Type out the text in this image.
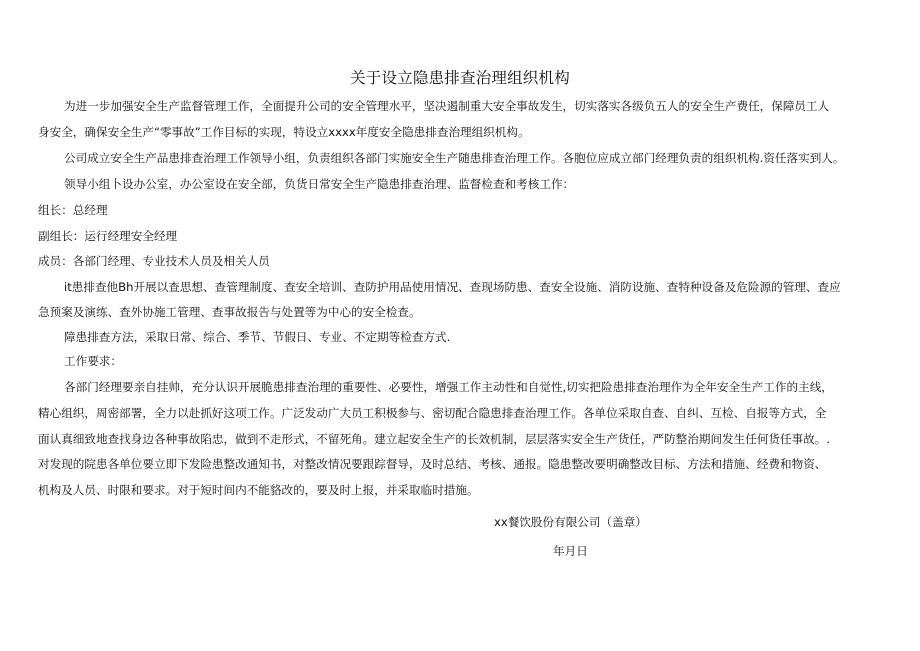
关于设立隐患排查治理组织机构

为进一步加强安全生产监督管理工作，全面提升公司的安全管理水平，坚决遏制重大安全事故发生，切实落实各级负五人的安全生产费任，保障员工人

身安全，确保安全生产“零事故”工作目标的实现，特设立xxxx年度安全隐患排查治理组织机构。

公司成立安全生产品患排查治理工作领导小组，负责组织各部门实施安全生产随患排查治理工作。各胞位应成立部门经理负责的组织机构.资任落实到人。

领导小组卜设办公室，办公室设在安全部，负货日常安全生产隐患排查治理、监督检查和考核工作：

组长：总经理

副组长：运行经理安全经理

成员：各部门经理、专业技术人员及相关人员

it患排查他Bh开展以查思想、查管理制度、查安全培训、查防护用品使用情况、查现场防患、查安全设施、消防设施、查特种设备及危险源的管理、查应

急预案及演练、查外协施工管理、查事故报告与处置等为中心的安全检查。

障患排查方法，采取日常、综合、季节、节假日、专业、不定期等检查方式.

工作要求：

各部门经理要亲自挂帅，充分认识开展脆患排查治理的重要性、必要性，增强工作主动性和自觉性,切实把险患排查治理作为全年安全生产工作的主线，

精心组织，周密部署，全力以赴抓好这项工作。广泛发动广大员工积极参与、密切配合隐患排查治理工作。各单位采取自查、自纠、互检、自报等方式，全

面认真细致地查找身边各种事故陷忠，做到不走形式，不留死角。建立起安全生产的长效机制，层层落实安全生产货任，严防整治期间发生任何货任事故。.

对发现的院患各单位要立即下发险患整改通知书，对整改情况要跟踪督导，及时总结、考核、通报。隐患整改要明确整改目标、方法和措施、经费和物资、

机构及人员、时限和要求。对于短时间内不能貉改的，要及时上报，并采取临时措施。

xx餐饮股份有限公司（盖章）
年月日
